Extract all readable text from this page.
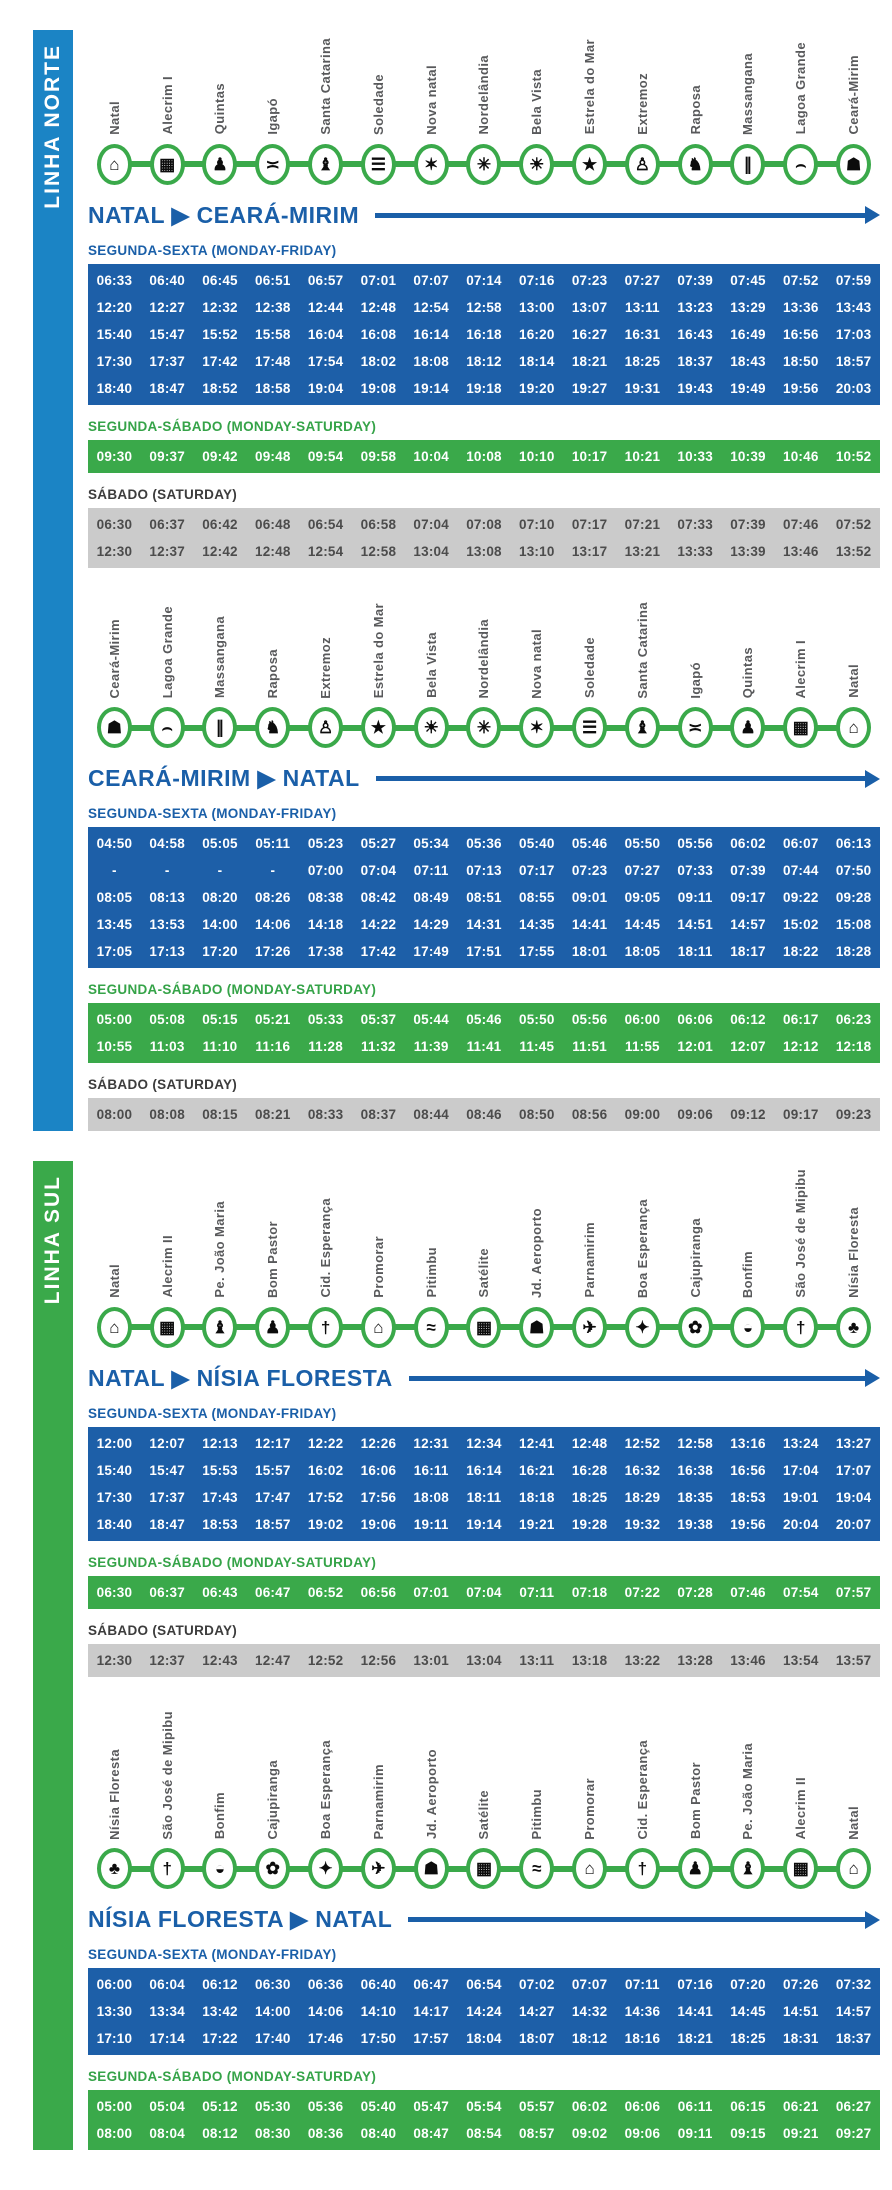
LINHA NORTE	Natal
⌂
Alecrim I
▦
Quintas
♟
Igapó
≍
Santa Catarina
♝
Soledade
☰
Nova natal
✶
Nordelândia
✳
Bela Vista
☀
Estrela do Mar
★
Extremoz
♙
Raposa
♞
Massangana
∥
Lagoa Grande
⌢
Ceará-Mirim
☗
NATAL ▶ CEARÁ-MIRIM
SEGUNDA-SEXTA (MONDAY-FRIDAY)
06:33	06:40	06:45	06:51	06:57	07:01	07:07	07:14	07:16	07:23	07:27	07:39	07:45	07:52	07:59
12:20	12:27	12:32	12:38	12:44	12:48	12:54	12:58	13:00	13:07	13:11	13:23	13:29	13:36	13:43
15:40	15:47	15:52	15:58	16:04	16:08	16:14	16:18	16:20	16:27	16:31	16:43	16:49	16:56	17:03
17:30	17:37	17:42	17:48	17:54	18:02	18:08	18:12	18:14	18:21	18:25	18:37	18:43	18:50	18:57
18:40	18:47	18:52	18:58	19:04	19:08	19:14	19:18	19:20	19:27	19:31	19:43	19:49	19:56	20:03
SEGUNDA-SÁBADO (MONDAY-SATURDAY)
09:30	09:37	09:42	09:48	09:54	09:58	10:04	10:08	10:10	10:17	10:21	10:33	10:39	10:46	10:52
SÁBADO (SATURDAY)
06:30	06:37	06:42	06:48	06:54	06:58	07:04	07:08	07:10	07:17	07:21	07:33	07:39	07:46	07:52
12:30	12:37	12:42	12:48	12:54	12:58	13:04	13:08	13:10	13:17	13:21	13:33	13:39	13:46	13:52
Ceará-Mirim
☗
Lagoa Grande
⌢
Massangana
∥
Raposa
♞
Extremoz
♙
Estrela do Mar
★
Bela Vista
☀
Nordelândia
✳
Nova natal
✶
Soledade
☰
Santa Catarina
♝
Igapó
≍
Quintas
♟
Alecrim I
▦
Natal
⌂
CEARÁ-MIRIM ▶ NATAL
SEGUNDA-SEXTA (MONDAY-FRIDAY)
04:50	04:58	05:05	05:11	05:23	05:27	05:34	05:36	05:40	05:46	05:50	05:56	06:02	06:07	06:13
-	-	-	-	07:00	07:04	07:11	07:13	07:17	07:23	07:27	07:33	07:39	07:44	07:50
08:05	08:13	08:20	08:26	08:38	08:42	08:49	08:51	08:55	09:01	09:05	09:11	09:17	09:22	09:28
13:45	13:53	14:00	14:06	14:18	14:22	14:29	14:31	14:35	14:41	14:45	14:51	14:57	15:02	15:08
17:05	17:13	17:20	17:26	17:38	17:42	17:49	17:51	17:55	18:01	18:05	18:11	18:17	18:22	18:28
SEGUNDA-SÁBADO (MONDAY-SATURDAY)
05:00	05:08	05:15	05:21	05:33	05:37	05:44	05:46	05:50	05:56	06:00	06:06	06:12	06:17	06:23
10:55	11:03	11:10	11:16	11:28	11:32	11:39	11:41	11:45	11:51	11:55	12:01	12:07	12:12	12:18
SÁBADO (SATURDAY)
08:00	08:08	08:15	08:21	08:33	08:37	08:44	08:46	08:50	08:56	09:00	09:06	09:12	09:17	09:23
LINHA SUL	Natal
⌂
Alecrim II
▦
Pe. João Maria
♝
Bom Pastor
♟
Cid. Esperança
†
Promorar
⌂
Pitimbu
≈
Satélite
▦
Jd. Aeroporto
☗
Parnamirim
✈
Boa Esperança
✦
Cajupiranga
✿
Bonfim
◒
São José de Mipibu
†
Nísia Floresta
♣
NATAL ▶ NÍSIA FLORESTA
SEGUNDA-SEXTA (MONDAY-FRIDAY)
12:00	12:07	12:13	12:17	12:22	12:26	12:31	12:34	12:41	12:48	12:52	12:58	13:16	13:24	13:27
15:40	15:47	15:53	15:57	16:02	16:06	16:11	16:14	16:21	16:28	16:32	16:38	16:56	17:04	17:07
17:30	17:37	17:43	17:47	17:52	17:56	18:08	18:11	18:18	18:25	18:29	18:35	18:53	19:01	19:04
18:40	18:47	18:53	18:57	19:02	19:06	19:11	19:14	19:21	19:28	19:32	19:38	19:56	20:04	20:07
SEGUNDA-SÁBADO (MONDAY-SATURDAY)
06:30	06:37	06:43	06:47	06:52	06:56	07:01	07:04	07:11	07:18	07:22	07:28	07:46	07:54	07:57
SÁBADO (SATURDAY)
12:30	12:37	12:43	12:47	12:52	12:56	13:01	13:04	13:11	13:18	13:22	13:28	13:46	13:54	13:57
Nísia Floresta
♣
São José de Mipibu
†
Bonfim
◒
Cajupiranga
✿
Boa Esperança
✦
Parnamirim
✈
Jd. Aeroporto
☗
Satélite
▦
Pitimbu
≈
Promorar
⌂
Cid. Esperança
†
Bom Pastor
♟
Pe. João Maria
♝
Alecrim II
▦
Natal
⌂
NÍSIA FLORESTA ▶ NATAL
SEGUNDA-SEXTA (MONDAY-FRIDAY)
06:00	06:04	06:12	06:30	06:36	06:40	06:47	06:54	07:02	07:07	07:11	07:16	07:20	07:26	07:32
13:30	13:34	13:42	14:00	14:06	14:10	14:17	14:24	14:27	14:32	14:36	14:41	14:45	14:51	14:57
17:10	17:14	17:22	17:40	17:46	17:50	17:57	18:04	18:07	18:12	18:16	18:21	18:25	18:31	18:37
SEGUNDA-SÁBADO (MONDAY-SATURDAY)
05:00	05:04	05:12	05:30	05:36	05:40	05:47	05:54	05:57	06:02	06:06	06:11	06:15	06:21	06:27
08:00	08:04	08:12	08:30	08:36	08:40	08:47	08:54	08:57	09:02	09:06	09:11	09:15	09:21	09:27
